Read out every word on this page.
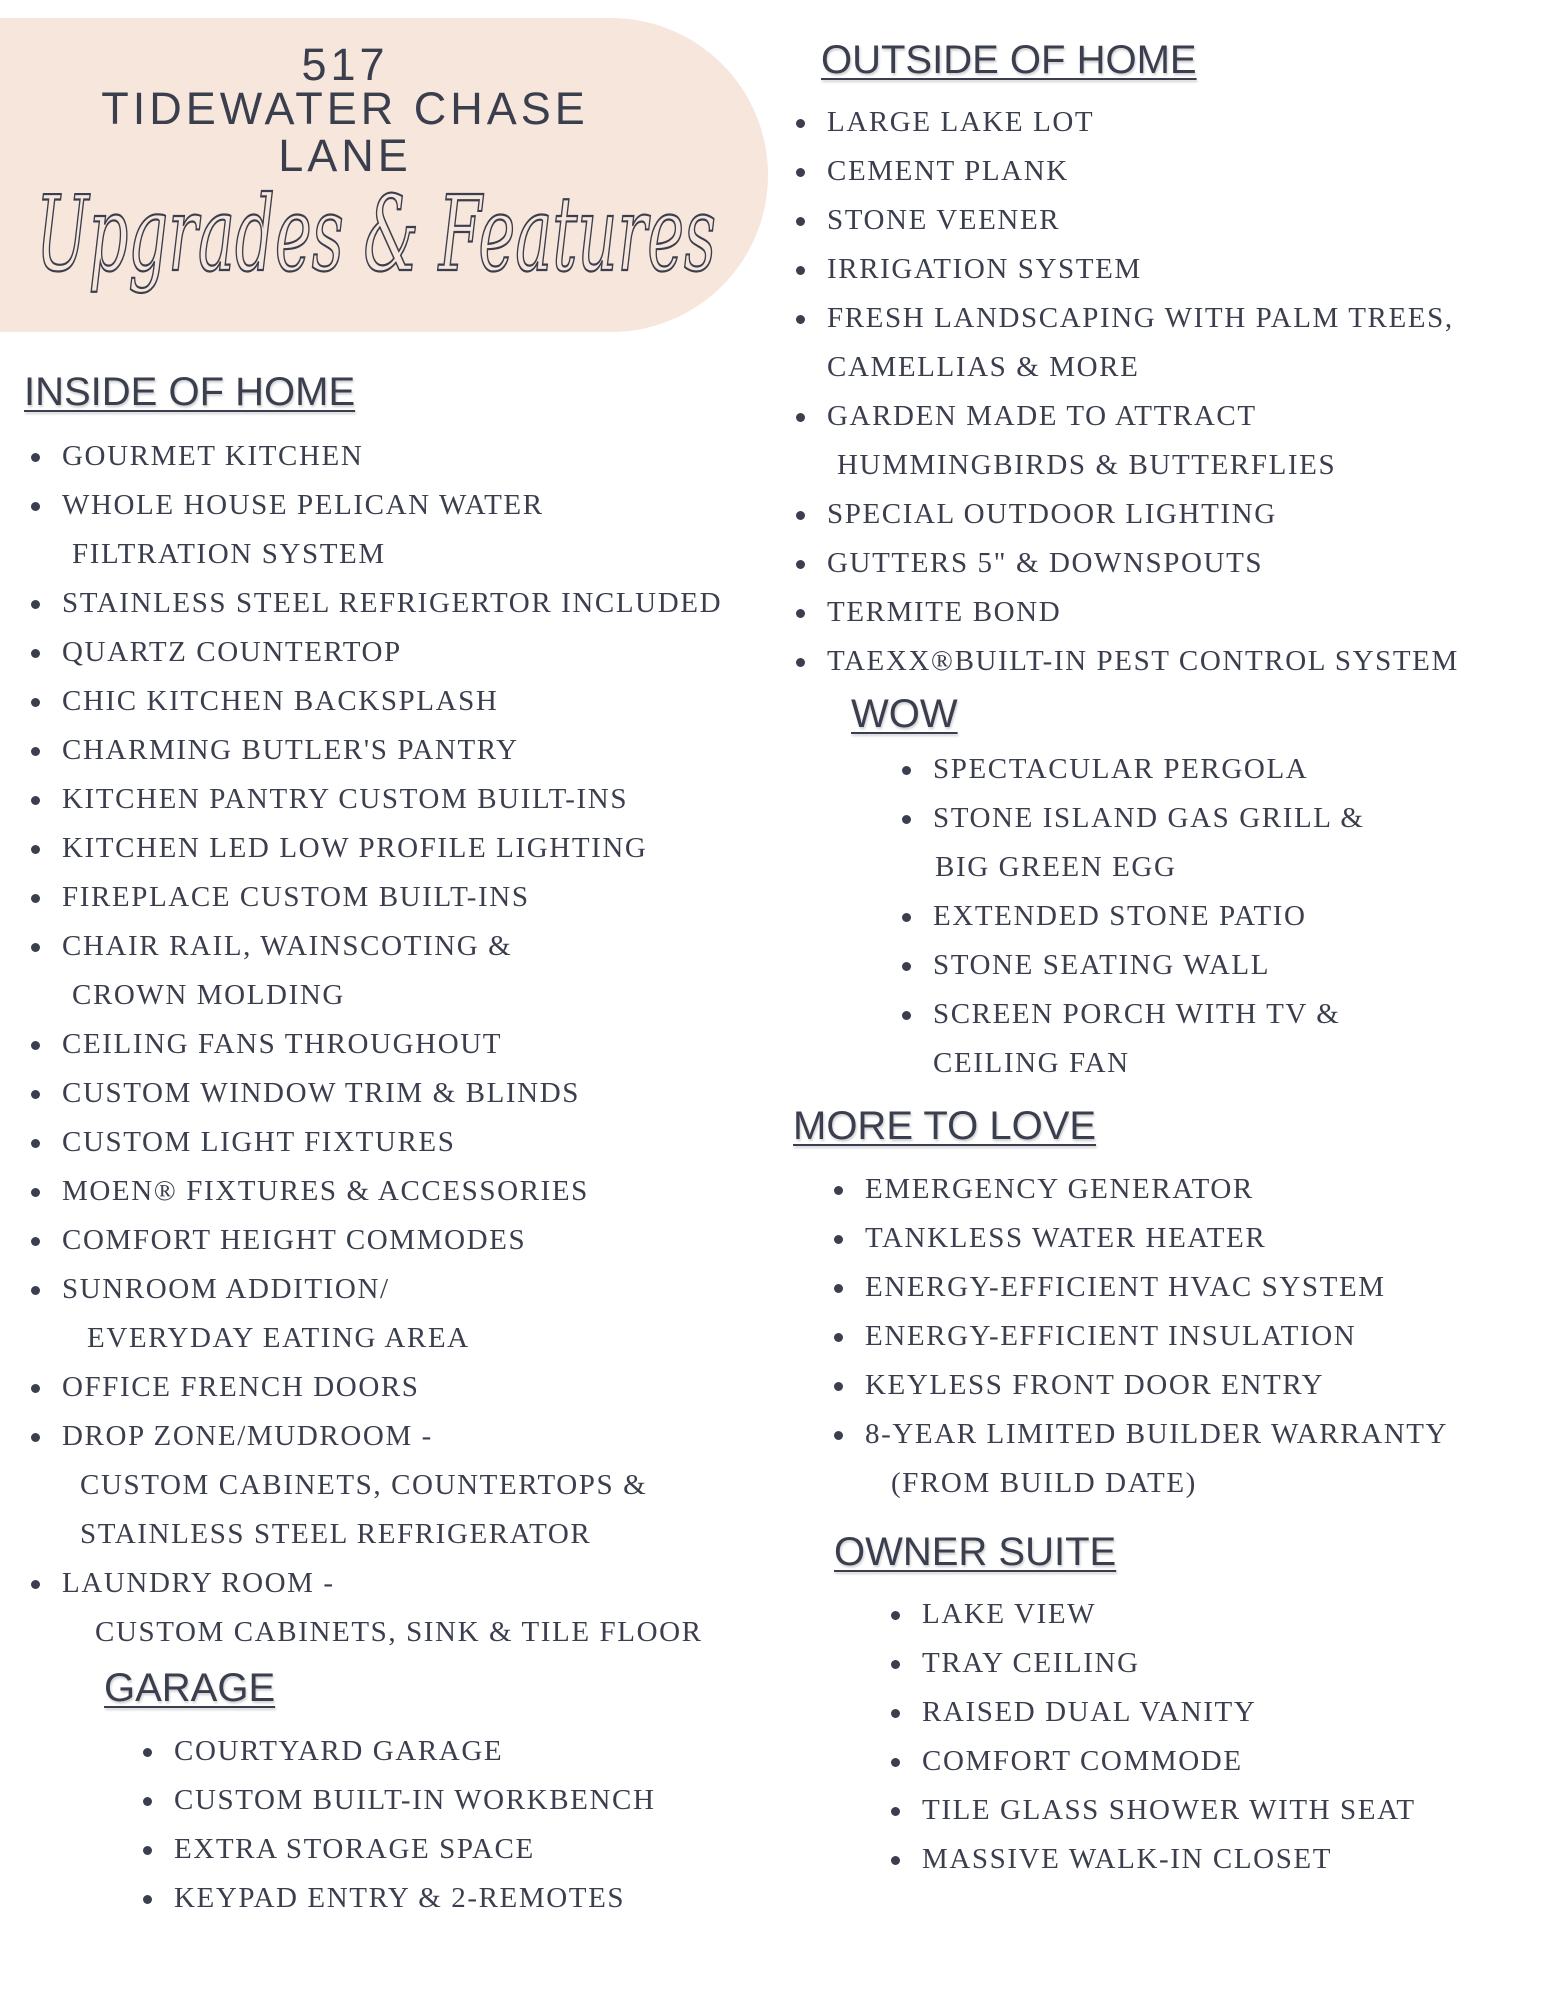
517
TIDEWATER CHASE
LANE
Upgrades & Features
INSIDE OF HOME
GOURMET KITCHEN
WHOLE HOUSE PELICAN WATER
FILTRATION SYSTEM
STAINLESS STEEL REFRIGERTOR INCLUDED
QUARTZ COUNTERTOP
CHIC KITCHEN BACKSPLASH
CHARMING BUTLER'S PANTRY
KITCHEN PANTRY CUSTOM BUILT-INS
KITCHEN LED LOW PROFILE LIGHTING
FIREPLACE CUSTOM BUILT-INS
CHAIR RAIL, WAINSCOTING &
CROWN MOLDING
CEILING FANS THROUGHOUT
CUSTOM WINDOW TRIM & BLINDS
CUSTOM LIGHT FIXTURES
MOEN® FIXTURES & ACCESSORIES
COMFORT HEIGHT COMMODES
SUNROOM ADDITION/
EVERYDAY EATING AREA
OFFICE FRENCH DOORS
DROP ZONE/MUDROOM -
CUSTOM CABINETS, COUNTERTOPS &
STAINLESS STEEL REFRIGERATOR
LAUNDRY ROOM -
CUSTOM CABINETS, SINK & TILE FLOOR
GARAGE
COURTYARD GARAGE
CUSTOM BUILT-IN WORKBENCH
EXTRA STORAGE SPACE
KEYPAD ENTRY & 2-REMOTES
OUTSIDE OF HOME
LARGE LAKE LOT
CEMENT PLANK
STONE VEENER
IRRIGATION SYSTEM
FRESH LANDSCAPING WITH PALM TREES,
CAMELLIAS & MORE
GARDEN MADE TO ATTRACT
HUMMINGBIRDS & BUTTERFLIES
SPECIAL OUTDOOR LIGHTING
GUTTERS 5" & DOWNSPOUTS
TERMITE BOND
TAEXX®BUILT-IN PEST CONTROL SYSTEM
WOW
SPECTACULAR PERGOLA
STONE ISLAND GAS GRILL &
BIG GREEN EGG
EXTENDED STONE PATIO
STONE SEATING WALL
SCREEN PORCH WITH TV &
CEILING FAN
MORE TO LOVE
EMERGENCY GENERATOR
TANKLESS WATER HEATER
ENERGY-EFFICIENT HVAC SYSTEM
ENERGY-EFFICIENT INSULATION
KEYLESS FRONT DOOR ENTRY
8-YEAR LIMITED BUILDER WARRANTY
(FROM BUILD DATE)
OWNER SUITE
LAKE VIEW
TRAY CEILING
RAISED DUAL VANITY
COMFORT COMMODE
TILE GLASS SHOWER WITH SEAT
MASSIVE WALK-IN CLOSET
